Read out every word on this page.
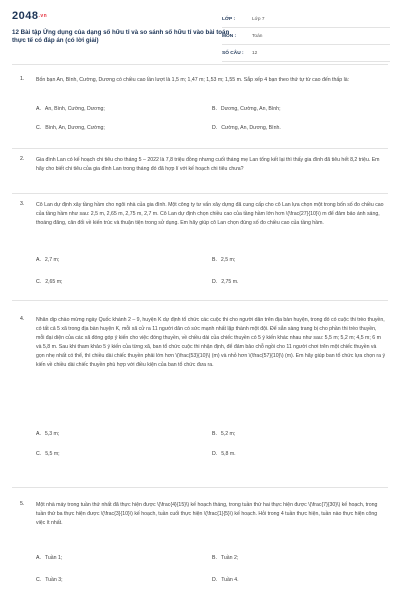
2048.vn
12 Bài tập Ứng dụng của dạng số hữu tỉ và so sánh số hữu tỉ vào bài toán thực tế có đáp án (có lời giải)
LỚP :	Lớp 7
MÔN :	Toán
SỐ CÂU :	12
1. Bốn bạn An, Bình, Cường, Dương có chiều cao lần lượt là 1,5 m; 1,47 m; 1,53 m; 1,55 m. Sắp xếp 4 bạn theo thứ tự từ cao đến thấp là:
A. An, Bình, Cường, Dương;	B. Dương, Cường, An, Bình;
C. Bình, An, Dương, Cường;	D. Cường, An, Dương, Bình.
2. Gia đình Lan có kế hoạch chi tiêu cho tháng 5 – 2022 là 7,8 triệu đồng nhưng cuối tháng mẹ Lan tổng kết lại thì thấy gia đình đã tiêu hết 8,2 triệu. Em hãy cho biết chi tiêu của gia đình Lan trong tháng đó đã hợp lí với kế hoạch chi tiêu chưa?
3. Cô Lan dự định xây tầng hầm cho ngôi nhà của gia đình. Một công ty tư vấn xây dựng đã cung cấp cho cô Lan lựa chọn một trong bốn số đo chiều cao của tầng hầm như sau: 2,5 m, 2,65 m, 2,75 m, 2,7 m. Cô Lan dự định chọn chiều cao của tầng hầm lớn hơn \(\frac{27}{10}\) m để đảm bảo ánh sáng, thoáng đãng, cân đối về kiến trúc và thuận tiện trong sử dụng. Em hãy giúp cô Lan chọn đúng số đo chiều cao của tầng hầm.
A. 2,7 m;	B. 2,5 m;
C. 2,65 m;	D. 2,75 m.
4. Nhân dịp chào mừng ngày Quốc khánh 2 – 9, huyện K dự định tổ chức các cuộc thi cho người dân trên địa bàn huyện, trong đó có cuộc thi trèo thuyền, có tất cả 5 xã trong địa bàn huyện K, mỗi xã cử ra 11 người dân có sức mạnh nhất lập thành một đội. Để sẵn sàng trang bị cho phần thi trèo thuyền, mỗi đại diện của các xã đóng góp ý kiến cho việc đóng thuyền, về chiều dài của chiếc thuyền có 5 ý kiến khác nhau như sau: 5,5 m; 5,2 m; 4,5 m; 6 m và 5,8 m. Sau khi tham khảo 5 ý kiến của từng xã, ban tổ chức cuộc thi nhận định, để đảm bảo chỗ ngồi cho 11 người chơi trên một chiếc thuyền và gọn nhẹ nhất có thể, thì chiều dài chiếc thuyền phải lớn hơn \(\frac{53}{10}\) (m) và nhỏ hơn \(\frac{57}{10}\) (m). Em hãy giúp ban tổ chức lựa chọn ra ý kiến về chiều dài chiếc thuyền phù hợp với điều kiện của ban tổ chức đưa ra.
A. 5,3 m;	B. 5,2 m;
C. 5,5 m;	D. 5,8 m.
5. Một nhà máy trong tuần thứ nhất đã thực hiện được \(\frac{4}{15}\) kế hoạch tháng, trong tuần thứ hai thực hiện được \(\frac{7}{30}\) kế hoạch, trong tuần thứ ba thực hiện được \(\frac{3}{10}\) kế hoạch, tuần cuối thực hiện \(\frac{1}{5}\) kế hoạch. Hỏi trong 4 tuần thực hiện, tuần nào thực hiện công việc ít nhất.
A. Tuần 1;	B. Tuần 2;
C. Tuần 3;	D. Tuần 4.
